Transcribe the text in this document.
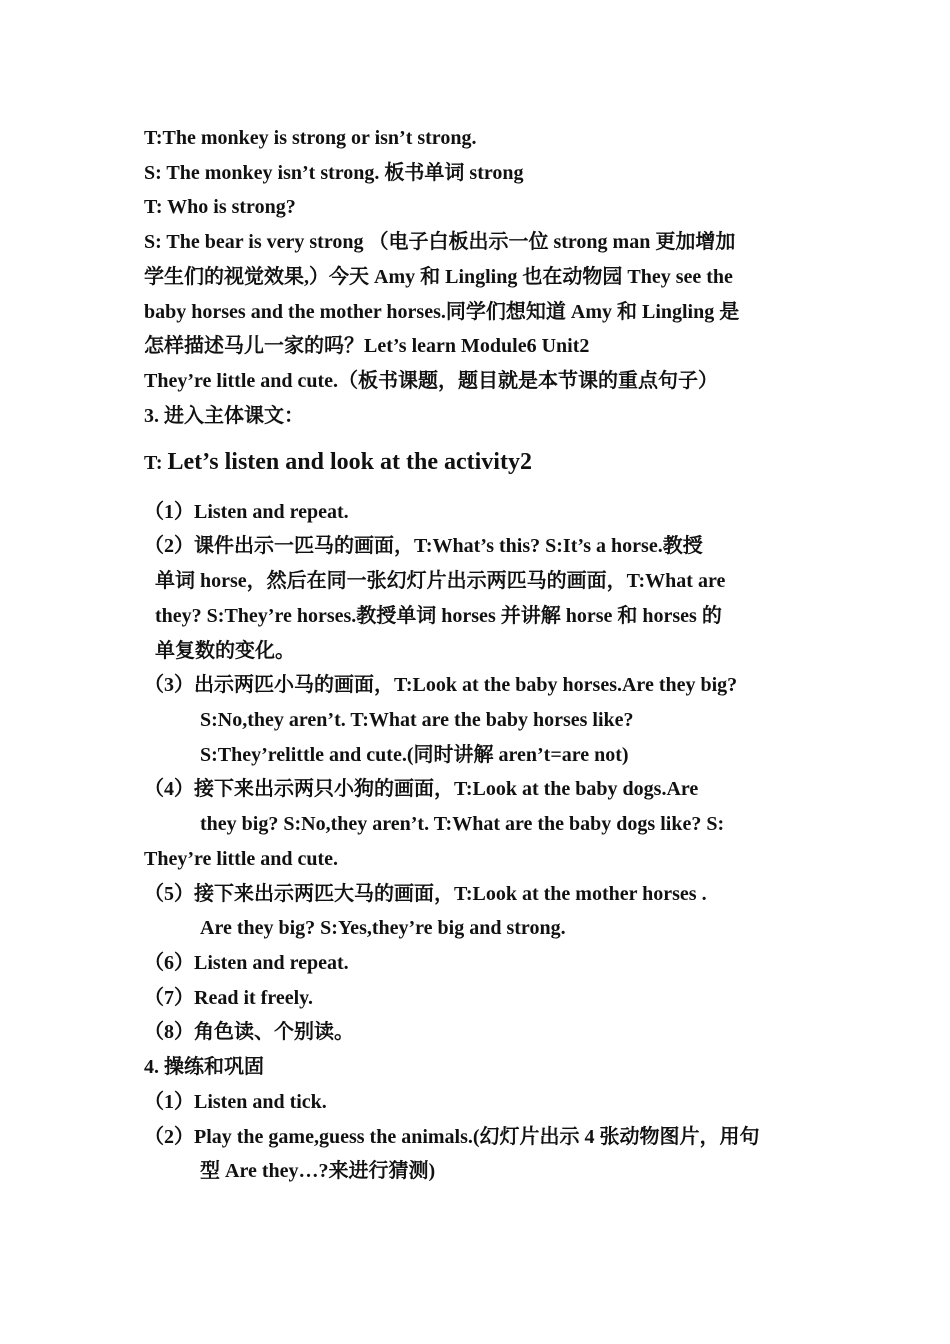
T:The monkey is strong or isn’t strong.
S: The monkey isn’t strong. 板书单词 strong
T: Who is strong?
S: The bear is very strong （电子白板出示一位 strong man 更加增加
学生们的视觉效果,）今天 Amy 和 Lingling 也在动物园 They see the
baby horses and the mother horses.同学们想知道 Amy 和 Lingling 是
怎样描述马儿一家的吗？Let’s learn Module6 Unit2
They’re little and cute.（板书课题，题目就是本节课的重点句子）
3. 进入主体课文：
T: Let’s listen and look at the activity2
（1）Listen and repeat.
（2）课件出示一匹马的画面，T:What’s this? S:It’s a horse.教授
单词 horse，然后在同一张幻灯片出示两匹马的画面，T:What are
they? S:They’re horses.教授单词 horses 并讲解 horse 和 horses 的
单复数的变化。
（3）出示两匹小马的画面，T:Look at the baby horses.Are they big?
S:No,they aren’t. T:What are the baby horses like?
S:They’relittle and cute.(同时讲解 aren’t=are not)
（4）接下来出示两只小狗的画面，T:Look at the baby dogs.Are
they big? S:No,they aren’t. T:What are the baby dogs like? S:
They’re little and cute.
（5）接下来出示两匹大马的画面，T:Look at the mother horses .
Are they big? S:Yes,they’re big and strong.
（6）Listen and repeat.
（7）Read it freely.
（8）角色读、个别读。
4. 操练和巩固
（1）Listen and tick.
（2）Play the game,guess the animals.(幻灯片出示 4 张动物图片，用句
型 Are they…?来进行猜测)
